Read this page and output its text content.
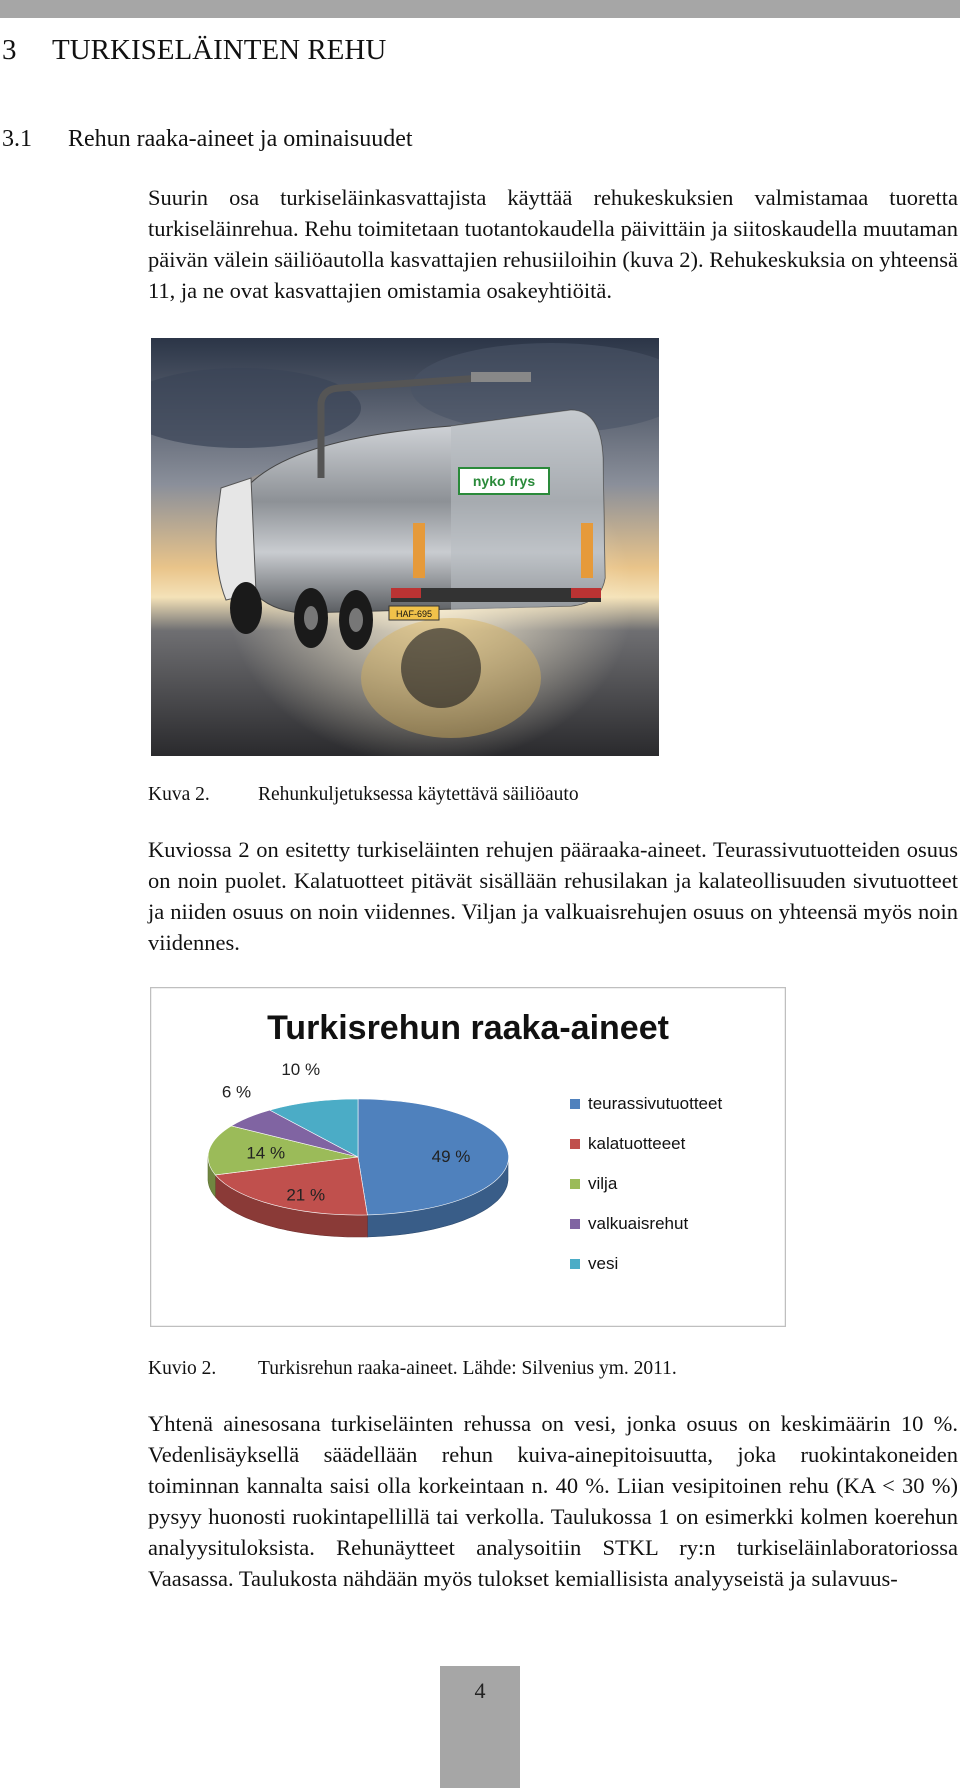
3 TURKISELÄINTEN REHU
3.1 Rehun raaka-aineet ja ominaisuudet

Suurin osa turkiseläinkasvattajista käyttää rehukeskuksien valmistamaa tuoretta turkiseläinrehua. Rehu toimitetaan tuotantokaudella päivittäin ja siitoskaudella muutaman päivän välein säiliöautolla kasvattajien rehusiiloihin (kuva 2). Rehukeskuksia on yhteensä 11, ja ne ovat kasvattajien omistamia osakeyhtiöitä.

nyko frys
HAF-695
Kuva 2. Rehunkuljetuksessa käytettävä säiliöauto

Kuviossa 2 on esitetty turkiseläinten rehujen pääraaka-aineet. Teurassivutuotteiden osuus on noin puolet. Kalatuotteet pitävät sisällään rehusilakan ja kalateollisuuden sivutuotteet ja niiden osuus on noin viidennes. Viljan ja valkuaisrehujen osuus on yhteensä myös noin viidennes.

Turkisrehun raaka-aineet
49 %
21 %
14 %
6 %
10 %
teurassivutuotteet
kalatuotteeet
vilja
valkuaisrehut
vesi
Kuvio 2. Turkisrehun raaka-aineet. Lähde: Silvenius ym. 2011.

Yhtenä ainesosana turkiseläinten rehussa on vesi, jonka osuus on keskimäärin 10 %. Vedenlisäyksellä säädellään rehun kuiva-ainepitoisuutta, joka ruokintakoneiden toiminnan kannalta saisi olla korkeintaan n. 40 %. Liian vesipitoinen rehu (KA < 30 %) pysyy huonosti ruokintapellillä tai verkolla. Taulukossa 1 on esimerkki kolmen koerehun analyysituloksista. Rehunäytteet analysoitiin STKL ry:n turkiseläinlaboratoriossa Vaasassa. Taulukosta nähdään myös tulokset kemiallisista analyyseistä ja sulavuus-

4
